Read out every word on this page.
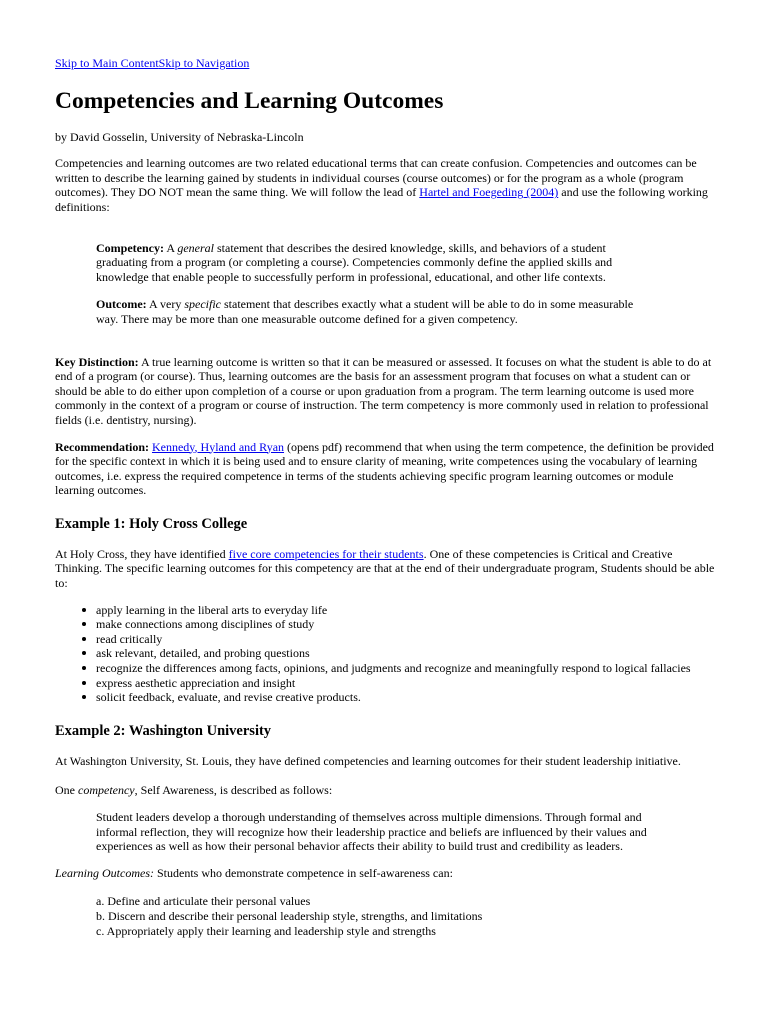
Skip to Main ContentSkip to Navigation
Competencies and Learning Outcomes

by David Gosselin, University of Nebraska-Lincoln

Competencies and learning outcomes are two related educational terms that can create confusion. Competencies and outcomes can be written to describe the learning gained by students in individual courses (course outcomes) or for the program as a whole (program outcomes). They DO NOT mean the same thing. We will follow the lead of Hartel and Foegeding (2004) and use the following working definitions:

Competency: A general statement that describes the desired knowledge, skills, and behaviors of a student graduating from a program (or completing a course). Competencies commonly define the applied skills and knowledge that enable people to successfully perform in professional, educational, and other life contexts.

Outcome: A very specific statement that describes exactly what a student will be able to do in some measurable way. There may be more than one measurable outcome defined for a given competency.

Key Distinction: A true learning outcome is written so that it can be measured or assessed. It focuses on what the student is able to do at end of a program (or course). Thus, learning outcomes are the basis for an assessment program that focuses on what a student can or should be able to do either upon completion of a course or upon graduation from a program. The term learning outcome is used more commonly in the context of a program or course of instruction. The term competency is more commonly used in relation to professional fields (i.e. dentistry, nursing).

Recommendation: Kennedy, Hyland and Ryan (opens pdf) recommend that when using the term competence, the definition be provided for the specific context in which it is being used and to ensure clarity of meaning, write competences using the vocabulary of learning outcomes, i.e. express the required competence in terms of the students achieving specific program learning outcomes or module learning outcomes.

Example 1: Holy Cross College

At Holy Cross, they have identified five core competencies for their students. One of these competencies is Critical and Creative Thinking. The specific learning outcomes for this competency are that at the end of their undergraduate program, Students should be able to:

apply learning in the liberal arts to everyday life
make connections among disciplines of study
read critically
ask relevant, detailed, and probing questions
recognize the differences among facts, opinions, and judgments and recognize and meaningfully respond to logical fallacies
express aesthetic appreciation and insight
solicit feedback, evaluate, and revise creative products.
Example 2: Washington University

At Washington University, St. Louis, they have defined competencies and learning outcomes for their student leadership initiative.

One competency, Self Awareness, is described as follows:

Student leaders develop a thorough understanding of themselves across multiple dimensions. Through formal and informal reflection, they will recognize how their leadership practice and beliefs are influenced by their values and experiences as well as how their personal behavior affects their ability to build trust and credibility as leaders.

Learning Outcomes: Students who demonstrate competence in self-awareness can:

a. Define and articulate their personal values
b. Discern and describe their personal leadership style, strengths, and limitations
c. Appropriately apply their learning and leadership style and strengths
